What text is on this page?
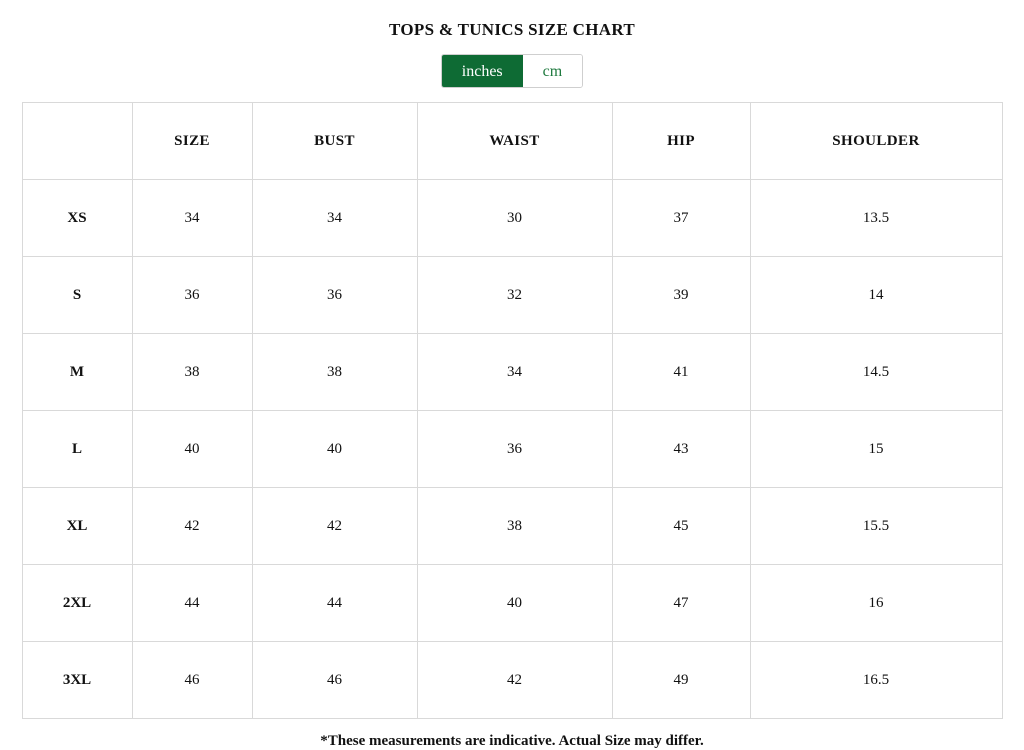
TOPS & TUNICS SIZE CHART
inches	cm
	SIZE	BUST	WAIST	HIP	SHOULDER
XS	34	34	30	37	13.5
S	36	36	32	39	14
M	38	38	34	41	14.5
L	40	40	36	43	15
XL	42	42	38	45	15.5
2XL	44	44	40	47	16
3XL	46	46	42	49	16.5
*These measurements are indicative. Actual Size may differ.
